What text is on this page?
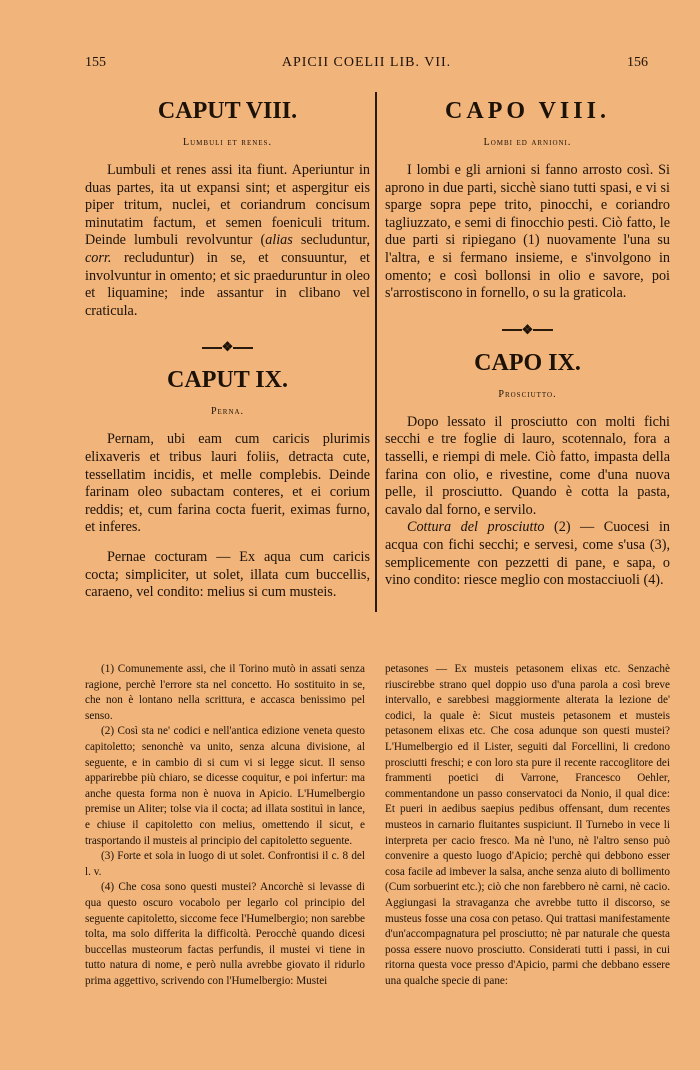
155	APICII COELII LIB. VII.	156
CAPUT VIII.
Lumbuli et renes.

Lumbuli et renes assi ita fiunt. Aperiuntur in duas partes, ita ut expansi sint; et aspergitur eis piper tritum, nuclei, et coriandrum concisum minutatim factum, et semen foeniculi tritum. Deinde lumbuli revolvuntur (alias secluduntur, corr. recluduntur) in se, et consuuntur, et involvuntur in omento; et sic praeduruntur in oleo et liquamine; inde assantur in clibano vel craticula.

❖
CAPUT IX.
Perna.

Pernam, ubi eam cum caricis plurimis elixaveris et tribus lauri foliis, detracta cute, tessellatim incidis, et melle complebis. Deinde farinam oleo subactam conteres, et ei corium reddis; et, cum farina cocta fuerit, eximas furno, et inferes.

Pernae cocturam — Ex aqua cum caricis cocta; simpliciter, ut solet, illata cum buccellis, caraeno, vel condito: melius si cum musteis.

CAPO VIII.
Lombi ed arnioni.

I lombi e gli arnioni si fanno arrosto così. Si aprono in due parti, sicchè siano tutti spasi, e vi si sparge sopra pepe trito, pinocchi, e coriandro tagliuzzato, e semi di finocchio pesti. Ciò fatto, le due parti si ripiegano (1) nuovamente l'una su l'altra, e si fermano insieme, e s'involgono in omento; e così bollonsi in olio e savore, poi s'arrostiscono in fornello, o su la graticola.

❖
CAPO IX.
Prosciutto.

Dopo lessato il prosciutto con molti fichi secchi e tre foglie di lauro, scotennalo, fora a tasselli, e riempi di mele. Ciò fatto, impasta della farina con olio, e rivestine, come d'una nuova pelle, il prosciutto. Quando è cotta la pasta, cavalo dal forno, e servilo.

Cottura del prosciutto (2) — Cuocesi in acqua con fichi secchi; e servesi, come s'usa (3), semplicemente con pezzetti di pane, e sapa, o vino condito: riesce meglio con mostacciuoli (4).

(1) Comunemente assi, che il Torino mutò in assati senza ragione, perchè l'errore sta nel concetto. Ho sostituito in se, che non è lontano nella scrittura, e accasca benissimo pel senso.

(2) Così sta ne' codici e nell'antica edizione veneta questo capitoletto; senonchè va unito, senza alcuna divisione, al seguente, e in cambio di si cum vi si legge sicut. Il senso apparirebbe più chiaro, se dicesse coquitur, e poi infertur: ma anche questa forma non è nuova in Apicio. L'Humelbergio premise un Aliter; tolse via il cocta; ad illata sostituì in lance, e chiuse il capitoletto con melius, omettendo il sicut, e trasportando il musteis al principio del capitoletto seguente.

(3) Forte et sola in luogo di ut solet. Confrontisi il c. 8 del l. v.

(4) Che cosa sono questi mustei? Ancorchè si levasse di qua questo oscuro vocabolo per legarlo col principio del seguente capitoletto, siccome fece l'Humelbergio; non sarebbe tolta, ma solo differita la difficoltà. Perocchè quando dicesi buccellas musteorum factas perfundis, il mustei vi tiene in tutto natura di nome, e però nulla avrebbe giovato il ridurlo prima aggettivo, scrivendo con l'Humelbergio: Mustei

petasones — Ex musteis petasonem elixas etc. Senzachè riuscirebbe strano quel doppio uso d'una parola a così breve intervallo, e sarebbesi maggiormente alterata la lezione de' codici, la quale è: Sicut musteis petasonem et musteis petasonem elixas etc. Che cosa adunque son questi mustei? L'Humelbergio ed il Lister, seguiti dal Forcellini, li credono prosciutti freschi; e con loro sta pure il recente raccoglitore dei frammenti poetici di Varrone, Francesco Oehler, commentandone un passo conservatoci da Nonio, il qual dice: Et pueri in aedibus saepius pedibus offensant, dum recentes musteos in carnario fluitantes suspiciunt. Il Turnebo in vece li interpreta per cacio fresco. Ma nè l'uno, nè l'altro senso può convenire a questo luogo d'Apicio; perchè qui debbono esser cosa facile ad imbever la salsa, anche senza aiuto di bollimento (Cum sorbuerint etc.); ciò che non farebbero nè carni, nè cacio. Aggiungasi la stravaganza che avrebbe tutto il discorso, se musteus fosse una cosa con petaso. Qui trattasi manifestamente d'un'accompagnatura pel prosciutto; nè par naturale che questa possa essere nuovo prosciutto. Considerati tutti i passi, in cui ritorna questa voce presso d'Apicio, parmi che debbano essere una qualche specie di pane:
